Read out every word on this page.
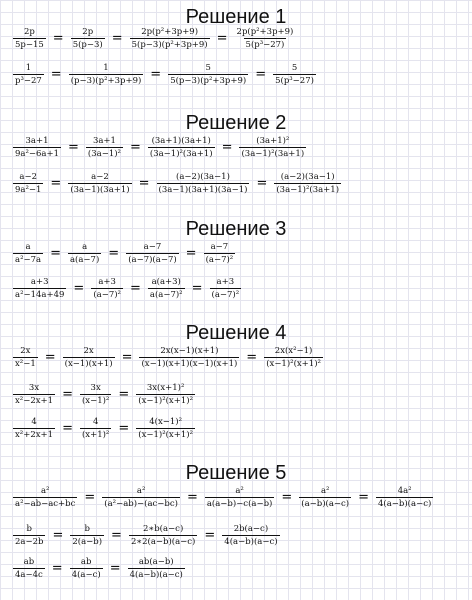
Решение 1
$\frac{2p}{5p-15} = \frac{2p}{5(p-3)} = \frac{\text{2p(p²+3p+9)}}{\text{5(p−3)(p²+3p+9)}} = \frac{\text{2p(p²+3p+9)}}{\text{5(p³−27)}}$
$\frac{1}{\text{p³−27}} = \frac{1}{\text{(p−3)(p²+3p+9)}} = \frac{5}{\text{5(p−3)(p²+3p+9)}} = \frac{5}{\text{5(p³−27)}}$
Решение 2
$\frac{3a+1}{\text{9a²−6a+1}} = \frac{3a+1}{\text{(3a−1)²}} = \frac{(3a+1)(3a+1)}{\text{(3a−1)²(3a+1)}} = \frac{\text{(3a+1)²}}{\text{(3a−1)²(3a+1)}}$
$\frac{a-2}{\text{9a²−1}} = \frac{a-2}{(3a-1)(3a+1)} = \frac{(a-2)(3a-1)}{(3a-1)(3a+1)(3a-1)} = \frac{(a-2)(3a-1)}{\text{(3a−1)²(3a+1)}}$
Решение 3
$\frac{a}{\text{a²−7a}} = \frac{a}{a(a-7)} = \frac{a-7}{(a-7)(a-7)} = \frac{a-7}{\text{(a−7)²}}$
$\frac{a+3}{\text{a²−14a+49}} = \frac{a+3}{\text{(a−7)²}} = \frac{a(a+3)}{\text{a(a−7)²}} = \frac{a+3}{\text{(a−7)²}}$
Решение 4
$\frac{2x}{\text{x²−1}} = \frac{2x}{(x-1)(x+1)} = \frac{2x(x-1)(x+1)}{(x-1)(x+1)(x-1)(x+1)} = \frac{\text{2x(x²−1)}}{\text{(x−1)²(x+1)²}}$
$\frac{3x}{\text{x²−2x+1}} = \frac{3x}{\text{(x−1)²}} = \frac{\text{3x(x+1)²}}{\text{(x−1)²(x+1)²}}$
$\frac{4}{\text{x²+2x+1}} = \frac{4}{\text{(x+1)²}} = \frac{\text{4(x−1)²}}{\text{(x−1)²(x+1)²}}$
Решение 5
$\frac{\text{a²}}{\text{a²−ab−ac+bc}} = \frac{\text{a²}}{\text{(a²−ab)−(ac−bc)}} = \frac{\text{a²}}{a(a-b)-c(a-b)} = \frac{\text{a²}}{(a-b)(a-c)} = \frac{\text{4a²}}{4(a-b)(a-c)}$
$\frac{b}{2a-2b} = \frac{b}{2(a-b)} = \frac{2∗b(a-c)}{2∗2(a-b)(a-c)} = \frac{2b(a-c)}{4(a-b)(a-c)}$
$\frac{ab}{4a-4c} = \frac{ab}{4(a-c)} = \frac{ab(a-b)}{4(a-b)(a-c)}$
